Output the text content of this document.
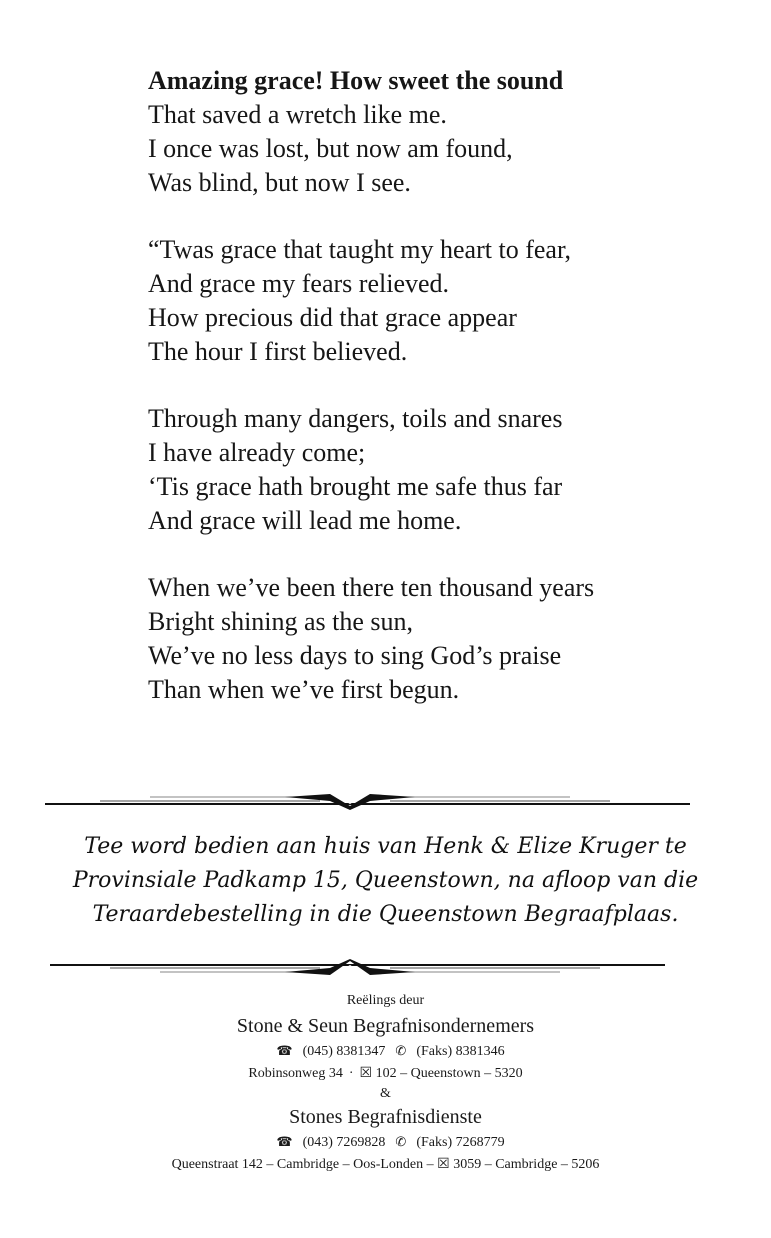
Amazing grace! How sweet the sound
That saved a wretch like me.
I once was lost, but now am found,
Was blind, but now I see.
“Twas grace that taught my heart to fear,
And grace my fears relieved.
How precious did that grace appear
The hour I first believed.
Through many dangers, toils and snares
I have already come;
‘Tis grace hath brought me safe thus far
And grace will lead me home.
When we’ve been there ten thousand years
Bright shining as the sun,
We’ve no less days to sing God’s praise
Than when we’ve first begun.
Tee word bedien aan huis van Henk & Elize Kruger te
Provinsiale Padkamp 15, Queenstown, na afloop van die
Teraardebestelling in die Queenstown Begraafplaas.
Reëlings deur
Stone & Seun Begrafnisondernemers
☎ (045) 8381347 ✆ (Faks) 8381346
Robinsonweg 34 · ☒ 102 – Queenstown – 5320
&
Stones Begrafnisdienste
☎ (043) 7269828 ✆ (Faks) 7268779
Queenstraat 142 – Cambridge – Oos-Londen – ☒ 3059 – Cambridge – 5206
